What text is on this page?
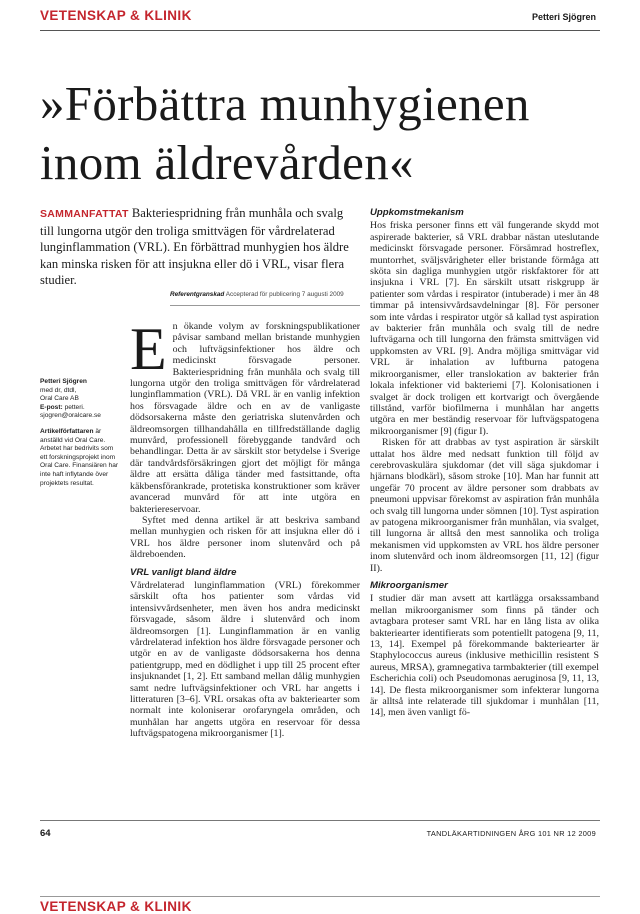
VETENSKAP & KLINIK	Petteri Sjögren
»Förbättra munhygienen inom äldrevården«
SAMMANFATTAT Bakteriespridning från munhåla och svalg till lungorna utgör den troliga smittvägen för vårdrelaterad lunginflammation (VRL). En förbättrad munhygien hos äldre kan minska risken för att insjukna eller dö i VRL, visar flera studier.
Referentgranskad Accepterad för publicering 7 augusti 2009
Petteri Sjögren
med dr, dtdl,
Oral Care AB
E-post: petteri.
sjogren@oralcare.se
Artikelförfattaren är anställd vid Oral Care. Arbetet har bedrivits som ett forskningsprojekt inom Oral Care. Finansiären har inte haft inflytande över projektets resultat.

En ökande volym av forskningspublikationer påvisar samband mellan bristande munhygien och luftvägsinfektioner hos äldre och medicinskt försvagade personer. Bakteriespridning från munhåla och svalg till lungorna utgör den troliga smittvägen för vårdrelaterad lunginflammation (VRL). Då VRL är en vanlig infektion hos försvagade äldre och en av de vanligaste dödsorsakerna måste den geriatriska slutenvården och äldreomsorgen tillhandahålla en tillfredställande daglig munvård, professionell förebyggande tandvård och behandlingar. Detta är av särskilt stor betydelse i Sverige där tandvårdsförsäkringen gjort det möjligt för många äldre att ersätta dåliga tänder med fastsittande, ofta käkbensförankrade, protetiska konstruktioner som kräver avancerad munvård för att inte utgöra en bakteriereservoar.

Syftet med denna artikel är att beskriva samband mellan munhygien och risken för att insjukna eller dö i VRL hos äldre personer inom slutenvård och på äldreboenden.

VRL vanligt bland äldre

Vårdrelaterad lunginflammation (VRL) förekommer särskilt ofta hos patienter som vårdas vid intensivvårdsenheter, men även hos andra medicinskt försvagade, såsom äldre i slutenvård och inom äldreomsorgen [1]. Lunginflammation är en vanlig vårdrelaterad infektion hos äldre försvagade personer och utgör en av de vanligaste dödsorsakerna hos denna patientgrupp, med en dödlighet i upp till 25 procent efter insjuknandet [1, 2]. Ett samband mellan dålig munhygien samt nedre luftvägsinfektioner och VRL har angetts i litteraturen [3–6]. VRL orsakas ofta av bakteriearter som normalt inte koloniserar orofaryngela områden, och munhålan har angetts utgöra en reservoar för dessa luftvägspatogena mikroorganismer [1].

Uppkomstmekanism

Hos friska personer finns ett väl fungerande skydd mot aspirerade bakterier, så VRL drabbar nästan uteslutande medicinskt försvagade personer. Försämrad hostreflex, muntorrhet, sväljsvårigheter eller bristande förmåga att sköta sin dagliga munhygien utgör riskfaktorer för att insjukna i VRL [7]. En särskilt utsatt riskgrupp är patienter som vårdas i respirator (intuberade) i mer än 48 timmar på intensivvårdsavdelningar [8]. För personer som inte vårdas i respirator utgör så kallad tyst aspiration av bakterier från munhåla och svalg till de nedre luftvägarna och till lungorna den främsta smittvägen vid uppkomsten av VRL [9]. Andra möjliga smittvägar vid VRL är inhalation av luftburna patogena mikroorganismer, eller translokation av bakterier från lokala infektioner vid bakteriemi [7]. Kolonisationen i svalget är dock troligen ett kortvarigt och övergående tillstånd, varför biofilmerna i munhålan har angetts utgöra en mer beständig reservoar för luftvägspatogena mikroorganismer [9] (figur I).

Risken för att drabbas av tyst aspiration är särskilt uttalat hos äldre med nedsatt funktion till följd av cerebrovaskulära sjukdomar (det vill säga sjukdomar i hjärnans blodkärl), såsom stroke [10]. Man har funnit att ungefär 70 procent av äldre personer som drabbats av pneumoni uppvisar förekomst av aspiration från munhåla och svalg till lungorna under sömnen [10]. Tyst aspiration av patogena mikroorganismer från munhålan, via svalget, till lungorna är alltså den mest sannolika och troliga mekanismen vid uppkomsten av VRL hos äldre personer inom slutenvård och inom äldreomsorgen [11, 12] (figur II).

Mikroorganismer

I studier där man avsett att kartlägga orsakssamband mellan mikroorganismer som finns på tänder och avtagbara proteser samt VRL har en lång lista av olika bakteriearter identifierats som potentiellt patogena [9, 11, 13, 14]. Exempel på förekommande bakteriearter är Staphylococcus aureus (inklusive methicillin resistent S aureus, MRSA), gramnegativa tarmbakterier (till exempel Escherichia coli) och Pseudomonas aeruginosa [9, 11, 13, 14]. De flesta mikroorganismer som infekterar lungorna är alltså inte relaterade till sjukdomar i munhålan [11, 14], men även vanligt fö-

64	TANDLÄKARTIDNINGEN ÅRG 101 NR 12 2009
VETENSKAP & KLINIK
